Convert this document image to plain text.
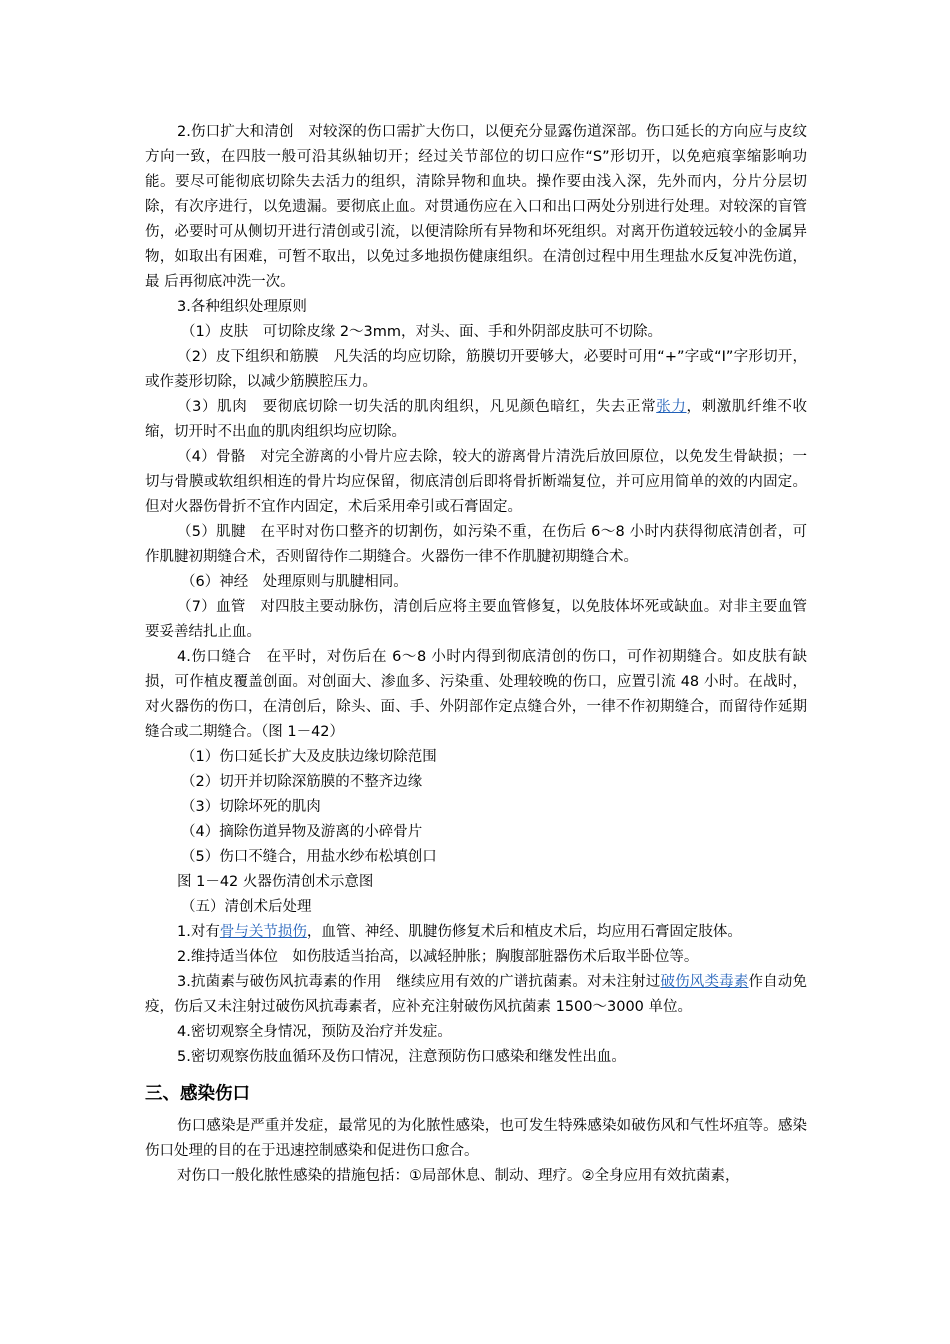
2.伤口扩大和清创　对较深的伤口需扩大伤口，以便充分显露伤道深部。伤口延长的方向应与皮纹方向一致，在四肢一般可沿其纵轴切开；经过关节部位的切口应作“S”形切开，以免疤痕挛缩影响功能。要尽可能彻底切除失去活力的组织，清除异物和血块。操作要由浅入深，先外而内，分片分层切除，有次序进行，以免遗漏。要彻底止血。对贯通伤应在入口和出口两处分别进行处理。对较深的盲管伤，必要时可从侧切开进行清创或引流，以便清除所有异物和坏死组织。对离开伤道较远较小的金属异物，如取出有困难，可暂不取出，以免过多地损伤健康组织。在清创过程中用生理盐水反复冲洗伤道，最 后再彻底冲洗一次。

3.各种组织处理原则

（1）皮肤　可切除皮缘 2～3mm，对头、面、手和外阴部皮肤可不切除。

（2）皮下组织和筋膜　凡失活的均应切除，筋膜切开要够大，必要时可用“+”字或“I”字形切开，或作菱形切除，以减少筋膜腔压力。

（3）肌肉　要彻底切除一切失活的肌肉组织，凡见颜色暗红，失去正常张力，刺激肌纤维不收缩，切开时不出血的肌肉组织均应切除。

（4）骨骼　对完全游离的小骨片应去除，较大的游离骨片清洗后放回原位，以免发生骨缺损；一切与骨膜或软组织相连的骨片均应保留，彻底清创后即将骨折断端复位，并可应用简单的效的内固定。但对火器伤骨折不宜作内固定，术后采用牵引或石膏固定。

（5）肌腱　在平时对伤口整齐的切割伤，如污染不重，在伤后 6～8 小时内获得彻底清创者，可作肌腱初期缝合术，否则留待作二期缝合。火器伤一律不作肌腱初期缝合术。

（6）神经　处理原则与肌腱相同。

（7）血管　对四肢主要动脉伤，清创后应将主要血管修复，以免肢体坏死或缺血。对非主要血管要妥善结扎止血。

4.伤口缝合　在平时，对伤后在 6～8 小时内得到彻底清创的伤口，可作初期缝合。如皮肤有缺损，可作植皮覆盖创面。对创面大、渗血多、污染重、处理较晚的伤口，应置引流 48 小时。在战时，对火器伤的伤口，在清创后，除头、面、手、外阴部作定点缝合外，一律不作初期缝合，而留待作延期缝合或二期缝合。（图 1－42）

（1）伤口延长扩大及皮肤边缘切除范围

（2）切开并切除深筋膜的不整齐边缘

（3）切除坏死的肌肉

（4）摘除伤道异物及游离的小碎骨片

（5）伤口不缝合，用盐水纱布松填创口

图 1－42 火器伤清创术示意图

（五）清创术后处理

1.对有骨与关节损伤，血管、神经、肌腱伤修复术后和植皮术后，均应用石膏固定肢体。

2.维持适当体位　如伤肢适当抬高，以减轻肿胀；胸腹部脏器伤术后取半卧位等。

3.抗菌素与破伤风抗毒素的作用　继续应用有效的广谱抗菌素。对未注射过破伤风类毒素作自动免疫，伤后又未注射过破伤风抗毒素者，应补充注射破伤风抗菌素 1500～3000 单位。

4.密切观察全身情况，预防及治疗并发症。

5.密切观察伤肢血循环及伤口情况，注意预防伤口感染和继发性出血。

三、感染伤口

伤口感染是严重并发症，最常见的为化脓性感染，也可发生特殊感染如破伤风和气性坏疽等。感染伤口处理的目的在于迅速控制感染和促进伤口愈合。

对伤口一般化脓性感染的措施包括：①局部休息、制动、理疗。②全身应用有效抗菌素，
